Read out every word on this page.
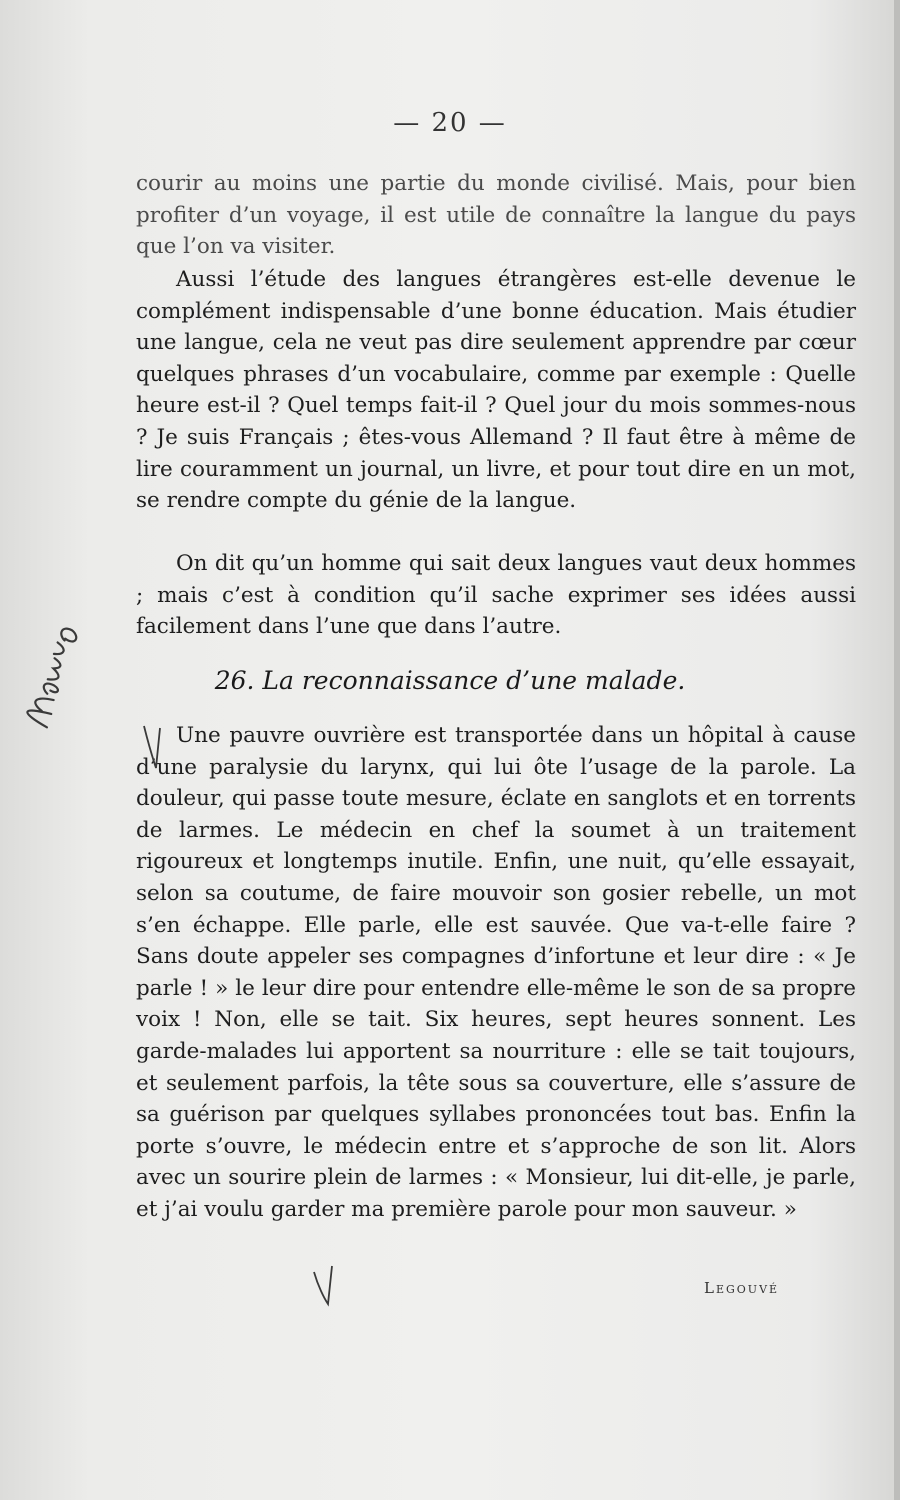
— 20 —

courir au moins une partie du monde civilisé. Mais, pour bien profiter d’un voyage, il est utile de connaître la langue du pays que l’on va visiter.

Aussi l’étude des langues étrangères est-elle devenue le complément indispensable d’une bonne éducation. Mais étudier une langue, cela ne veut pas dire seulement apprendre par cœur quelques phrases d’un vocabulaire, comme par exemple : Quelle heure est-il ? Quel temps fait-il ? Quel jour du mois sommes-nous ? Je suis Français ; êtes-vous Allemand ? Il faut être à même de lire couramment un journal, un livre, et pour tout dire en un mot, se rendre compte du génie de la langue.

On dit qu’un homme qui sait deux langues vaut deux hommes ; mais c’est à condition qu’il sache exprimer ses idées aussi facilement dans l’une que dans l’autre.

26. La reconnaissance d’une malade.

Une pauvre ouvrière est transportée dans un hôpital à cause d’une paralysie du larynx, qui lui ôte l’usage de la parole. La douleur, qui passe toute mesure, éclate en sanglots et en torrents de larmes. Le médecin en chef la soumet à un traitement rigoureux et longtemps inutile. Enfin, une nuit, qu’elle essayait, selon sa coutume, de faire mouvoir son gosier rebelle, un mot s’en échappe. Elle parle, elle est sauvée. Que va-t-elle faire ? Sans doute appeler ses compagnes d’infortune et leur dire : « Je parle ! » le leur dire pour entendre elle-même le son de sa propre voix ! Non, elle se tait. Six heures, sept heures sonnent. Les garde-malades lui apportent sa nourriture : elle se tait toujours, et seulement parfois, la tête sous sa couverture, elle s’assure de sa guérison par quelques syllabes prononcées tout bas. Enfin la porte s’ouvre, le médecin entre et s’approche de son lit. Alors avec un sourire plein de larmes : « Monsieur, lui dit-elle, je parle, et j’ai voulu garder ma première parole pour mon sauveur. »

Legouvé
